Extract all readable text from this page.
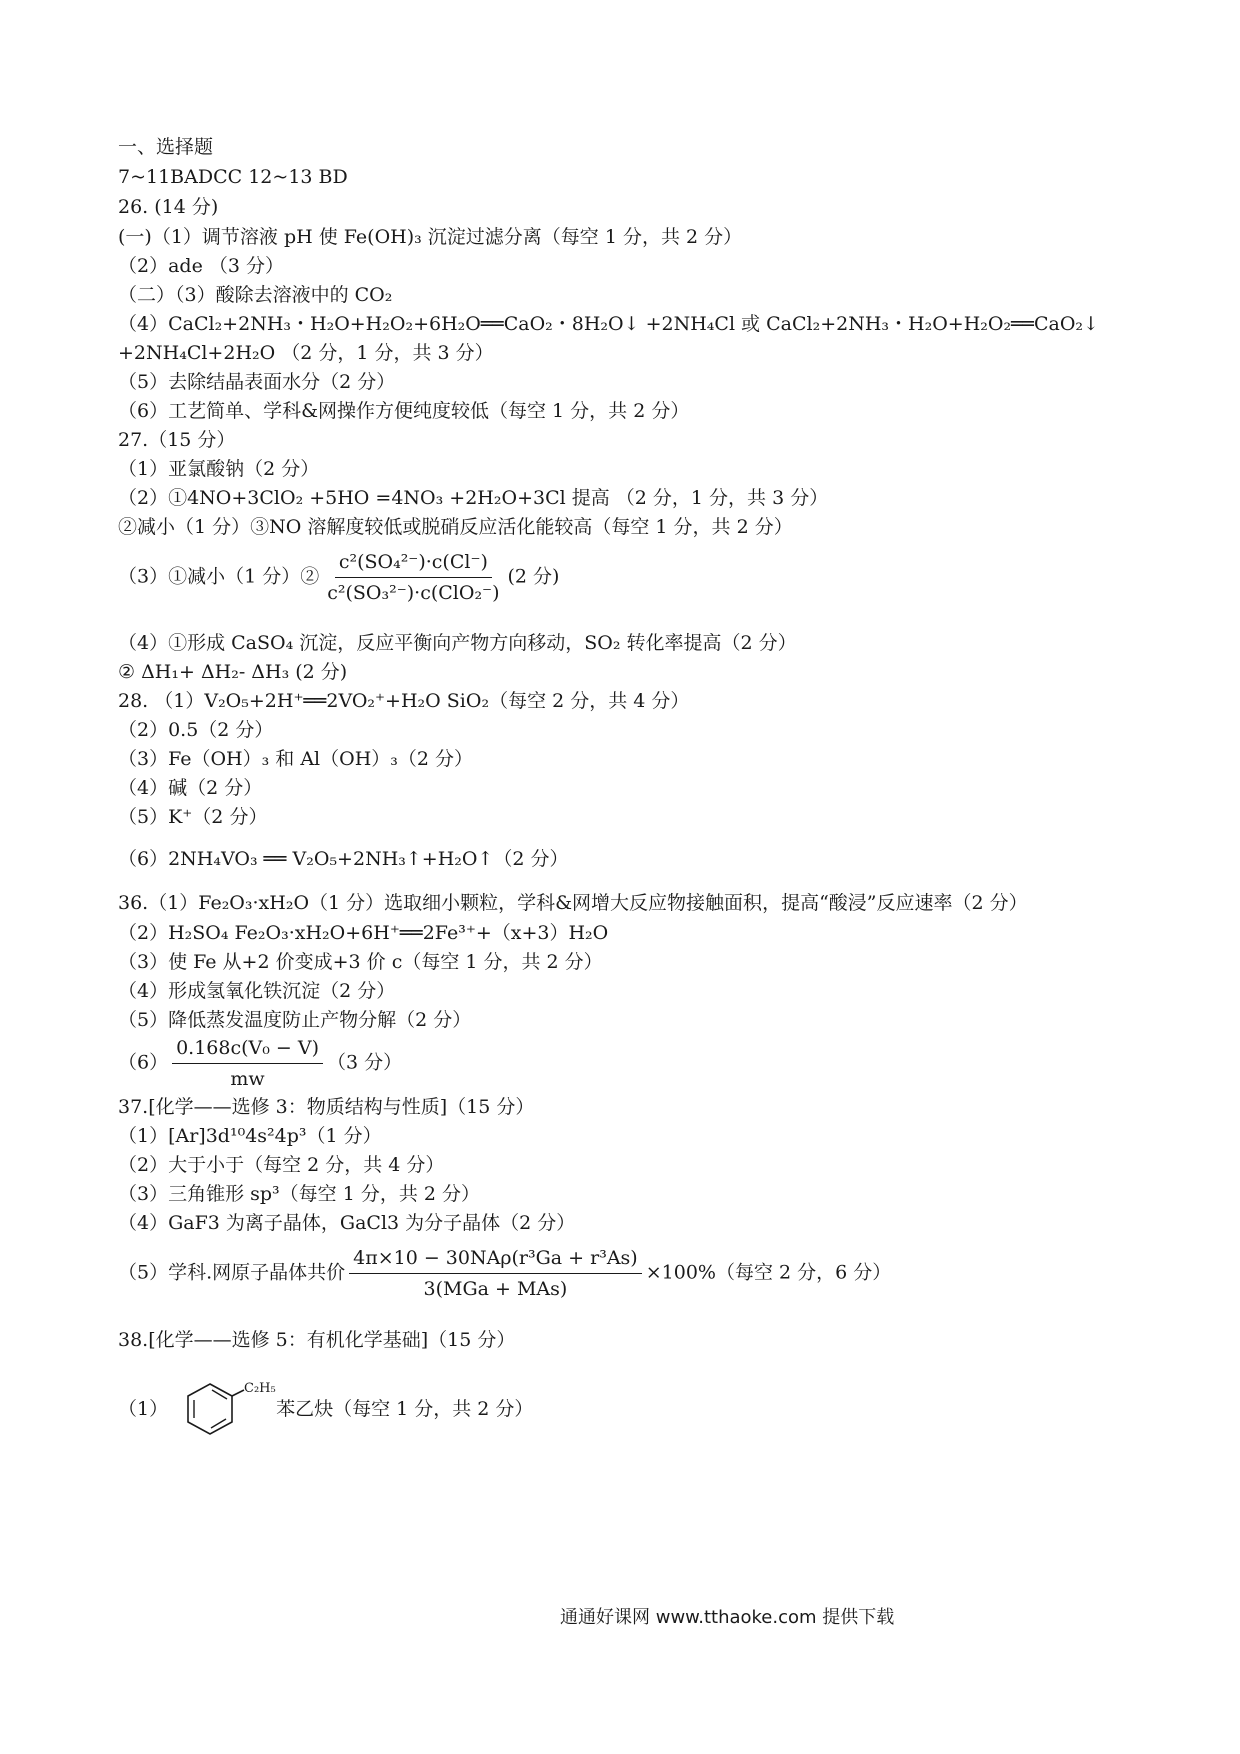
一、选择题
7~11BADCC 12~13 BD
26. (14 分)
(一)（1）调节溶液 pH 使 Fe(OH)₃ 沉淀过滤分离（每空 1 分，共 2 分）
（2）ade （3 分）
（二）（3）酸除去溶液中的 CO₂
（4）CaCl₂+2NH₃・H₂O+H₂O₂+6H₂O══CaO₂・8H₂O↓ +2NH₄Cl 或 CaCl₂+2NH₃・H₂O+H₂O₂══CaO₂↓
+2NH₄Cl+2H₂O （2 分，1 分，共 3 分）
（5）去除结晶表面水分（2 分）
（6）工艺简单、学科&网操作方便纯度较低（每空 1 分，共 2 分）
27.（15 分）
（1）亚氯酸钠（2 分）
（2）①4NO+3ClO₂ +5HO =4NO₃ +2H₂O+3Cl 提高 （2 分，1 分，共 3 分）
②减小（1 分）③NO 溶解度较低或脱硝反应活化能较高（每空 1 分，共 2 分）
（3）①减小（1 分）② $\frac{\text{c²(SO₄²⁻)·c(Cl⁻)}}{\text{c²(SO₃²⁻)·c(ClO₂⁻)}} (2$ 分)
（4）①形成 CaSO₄ 沉淀，反应平衡向产物方向移动，SO₂ 转化率提高（2 分）
② ΔH₁+ ΔH₂- ΔH₃ (2 分)
28. （1）V₂O₅+2H⁺══2VO₂⁺+H₂O SiO₂（每空 2 分，共 4 分）
（2）0.5（2 分）
（3）Fe（OH）₃ 和 Al（OH）₃（2 分）
（4）碱（2 分）
（5）K⁺（2 分）
（6）2NH₄VO₃ ══ V₂O₅+2NH₃↑+H₂O↑（2 分）
36.（1）Fe₂O₃·xH₂O（1 分）选取细小颗粒，学科&网增大反应物接触面积，提高“酸浸”反应速率（2 分）
（2）H₂SO₄ Fe₂O₃·xH₂O+6H⁺══2Fe³⁺+（x+3）H₂O
（3）使 Fe 从+2 价变成+3 价 c（每空 1 分，共 2 分）
（4）形成氢氧化铁沉淀（2 分）
（5）降低蒸发温度防止产物分解（2 分）
$(6) \frac{\text{0.168c(V₀ − V)}}{mw} (3$ 分）
37.[化学——选修 3：物质结构与性质]（15 分）
（1）[Ar]3d¹⁰4s²4p³（1 分）
（2）大于小于（每空 2 分，共 4 分）
（3）三角锥形 sp³（每空 1 分，共 2 分）
（4）GaF3 为离子晶体，GaCl3 为分子晶体（2 分）
（5）学科.网原子晶体共价 $\frac{\text{4π×10 − 30NAρ(r³Ga + r³As)}}{\text{3(MGa + MAs)}} \times 100\%$（每空 2 分，6 分）
38.[化学——选修 5：有机化学基础]（15 分）
（1）
C₂H₅
苯乙炔（每空 1 分，共 2 分）
通通好课网 www.tthaoke.com 提供下载
